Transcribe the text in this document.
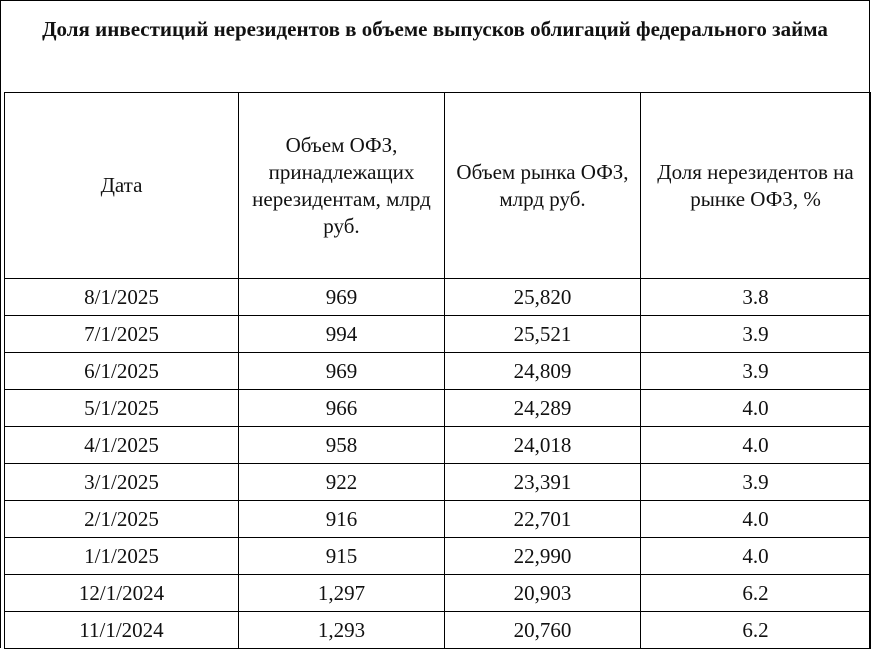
Доля инвестиций нерезидентов в объеме выпусков облигаций федерального займа
Дата	Объем ОФЗ, принадлежащих нерезидентам, млрд руб.	Объем рынка ОФЗ, млрд руб.	Доля нерезидентов на рынке ОФЗ, %
8/1/2025	969	25,820	3.8
7/1/2025	994	25,521	3.9
6/1/2025	969	24,809	3.9
5/1/2025	966	24,289	4.0
4/1/2025	958	24,018	4.0
3/1/2025	922	23,391	3.9
2/1/2025	916	22,701	4.0
1/1/2025	915	22,990	4.0
12/1/2024	1,297	20,903	6.2
11/1/2024	1,293	20,760	6.2
